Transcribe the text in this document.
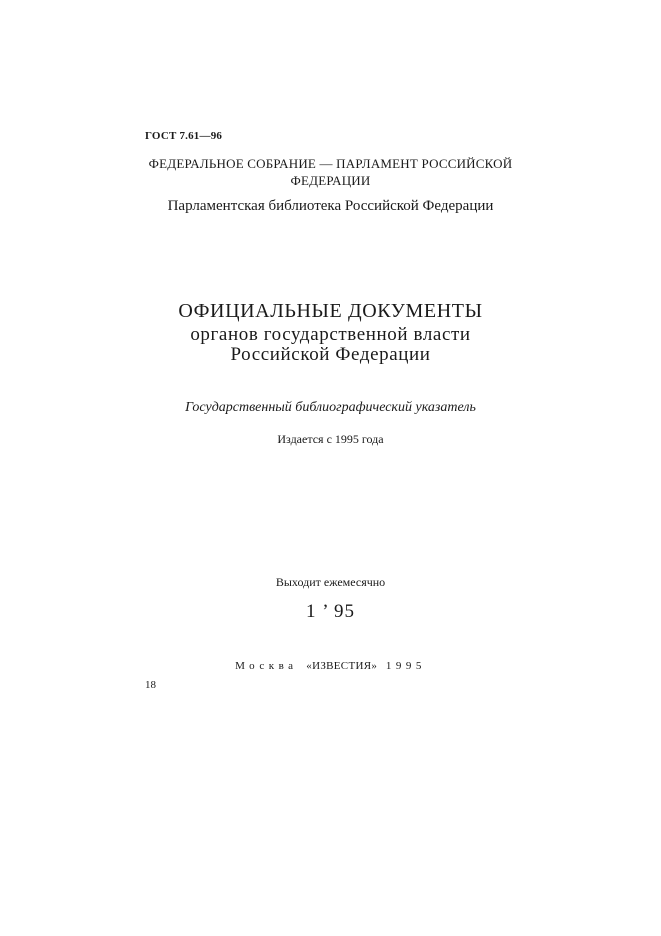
ГОСТ 7.61—96

ФЕДЕРАЛЬНОЕ СОБРАНИЕ — ПАРЛАМЕНТ РОССИЙСКОЙ

ФЕДЕРАЦИИ

Парламентская библиотека Российской Федерации

ОФИЦИАЛЬНЫЕ ДОКУМЕНТЫ

органов государственной власти

Российской Федерации

Государственный библиографический указатель

Издается с 1995 года

Выходит ежемесячно

1 ’ 95

Москва «ИЗВЕСТИЯ» 1995

18
